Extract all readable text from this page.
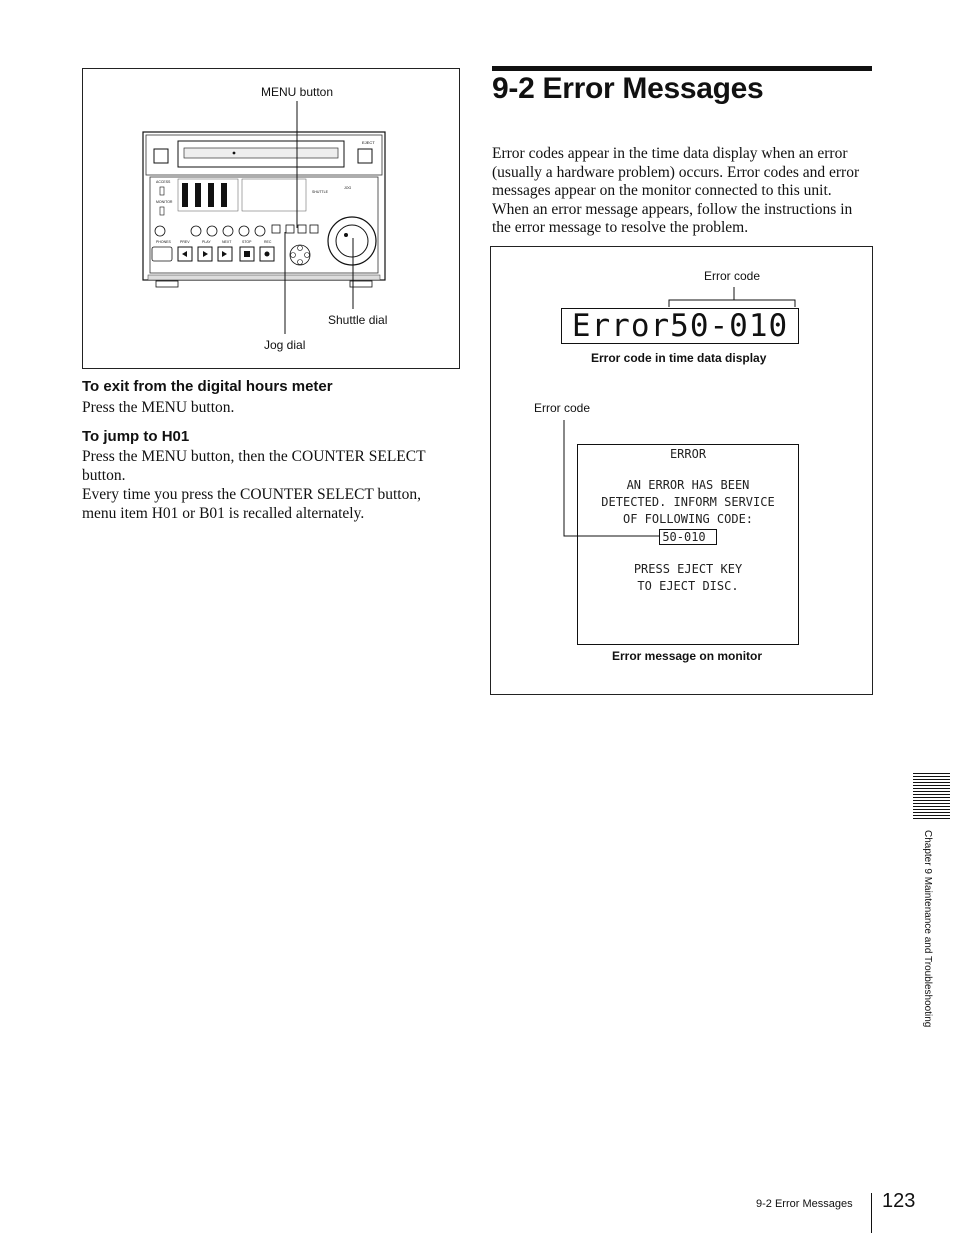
MENU button
Shuttle dial
Jog dial
EJECT
ACCESS
MONITOR
PHONES	PREV	PLAY	NEXT	STOP	REC
SHUTTLE
JOG
To exit from the digital hours meter
Press the MENU button.
To jump to H01
Press the MENU button, then the COUNTER SELECT
button.
Every time you press the COUNTER SELECT button,
menu item H01 or B01 is recalled alternately.
9-2 Error Messages
Error codes appear in the time data display when an error
(usually a hardware problem) occurs. Error codes and error
messages appear on the monitor connected to this unit.
When an error message appears, follow the instructions in
the error message to resolve the problem.
Error code
Error50-010
Error code in time data display
Error code
ERROR
AN ERROR HAS BEEN
DETECTED. INFORM SERVICE
OF FOLLOWING CODE:
50-010
PRESS EJECT KEY
TO EJECT DISC.
Error message on monitor
Chapter 9 Maintenance and Troubleshooting
9-2 Error Messages 123
